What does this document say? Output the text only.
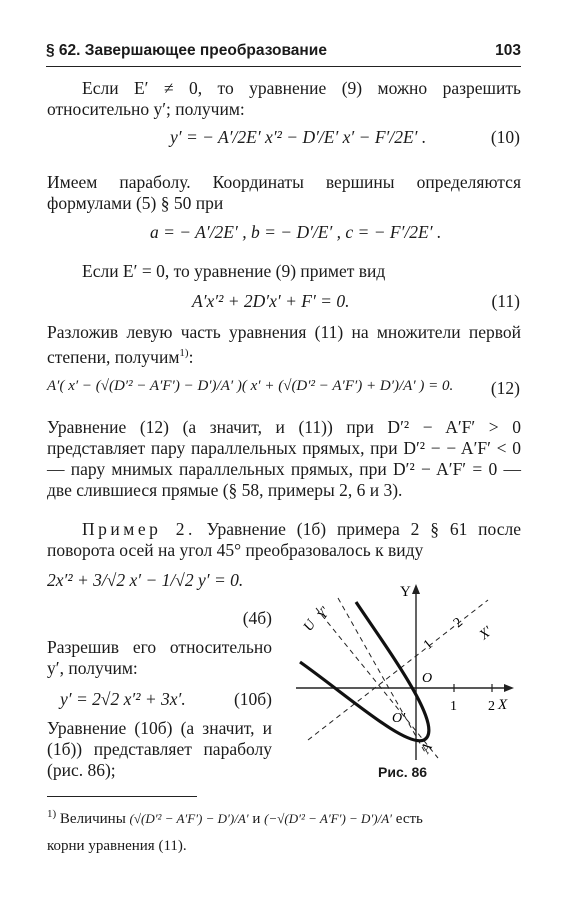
§ 62. Завершающее преобразование	103
Если E′ ≠ 0, то уравнение (9) можно разрешить относительно y′; получим:
y′ = − A′/2E′ x′² − D′/E′ x′ − F′/2E′ .	(10)
Имеем параболу. Координаты вершины определяются формулами (5) § 50 при
a = − A′/2E′ , b = − D′/E′ , c = − F′/2E′ .
Если E′ = 0, то уравнение (9) примет вид
A′x′² + 2D′x′ + F′ = 0.	(11)
Разложив левую часть уравнения (11) на множители первой степени, получим$^{1)}$:
A′( x′ − (√(D′² − A′F′) − D′)/A′ )( x′ + (√(D′² − A′F′) + D′)/A′ ) = 0. (12)
Уравнение (12) (а значит, и (11)) при D′² − A′F′ > 0 представляет пару параллельных прямых, при D′² − − A′F′ < 0 — пару мнимых параллельных прямых, при D′² − A′F′ = 0 — две слившиеся прямые (§ 58, примеры 2, 6 и 3).
Пример 2. Уравнение (1б) примера 2 § 61 после поворота осей на угол 45° преобразовалось к виду
2x′² + 3/√2 x′ − 1/√2 y′ = 0.
(4б)
Разрешив его относительно y′, получим:
y′ = 2√2 x′² + 3x′.	(10б)
Уравнение (10б) (а значит, и (1б)) представляет параболу (рис. 86);
Y
X
O
O′
U
Y′
X′
A
1 2
1
2
Рис. 86
$^{1)}$ Величины (√(D′² − A′F′) − D′)/A′ и (−√(D′² − A′F′) − D′)/A′ есть
корни уравнения (11).
